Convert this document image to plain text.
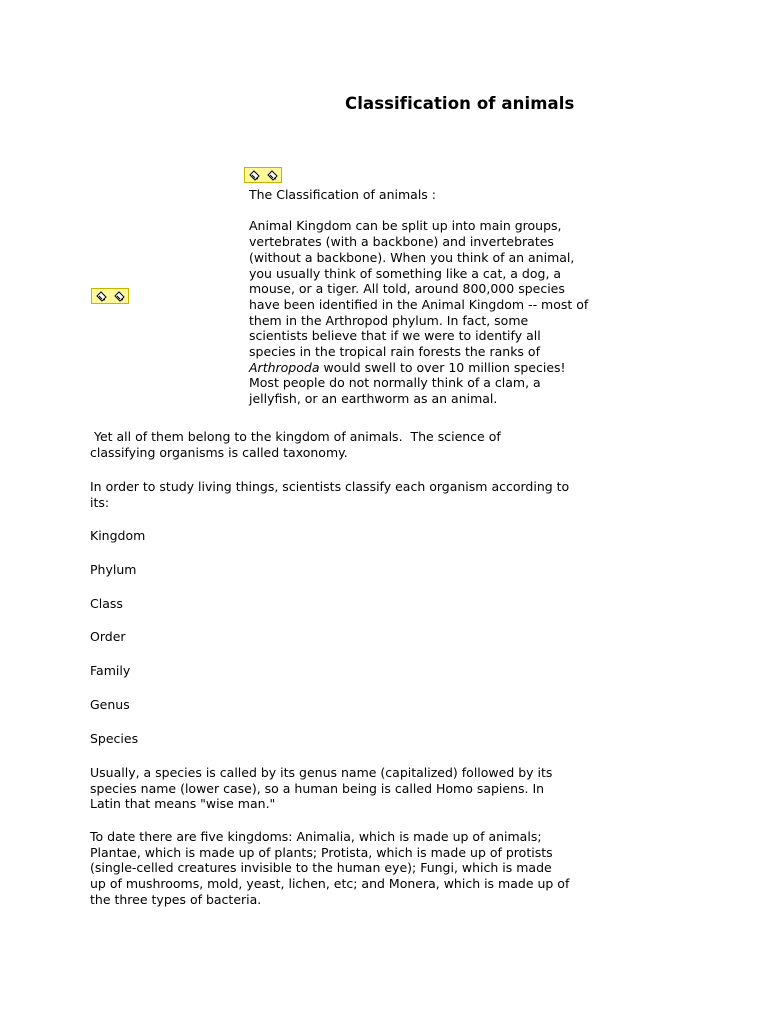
Classification of animals

The Classification of animals :

Animal Kingdom can be split up into main groups, vertebrates (with a backbone) and invertebrates (without a backbone). When you think of an animal, you usually think of something like a cat, a dog, a mouse, or a tiger. All told, around 800,000 species have been identified in the Animal Kingdom -- most of them in the Arthropod phylum. In fact, some scientists believe that if we were to identify all species in the tropical rain forests the ranks of Arthropoda would swell to over 10 million species! Most people do not normally think of a clam, a jellyfish, or an earthworm as an animal.

Yet all of them belong to the kingdom of animals.  The science of classifying organisms is called taxonomy.

In order to study living things, scientists classify each organism according to its:

Kingdom
Phylum
Class
Order
Family
Genus
Species
Usually, a species is called by its genus name (capitalized) followed by its species name (lower case), so a human being is called Homo sapiens. In Latin that means "wise man."
To date there are five kingdoms: Animalia, which is made up of animals; Plantae, which is made up of plants; Protista, which is made up of protists (single-celled creatures invisible to the human eye); Fungi, which is made up of mushrooms, mold, yeast, lichen, etc; and Monera, which is made up of the three types of bacteria.
